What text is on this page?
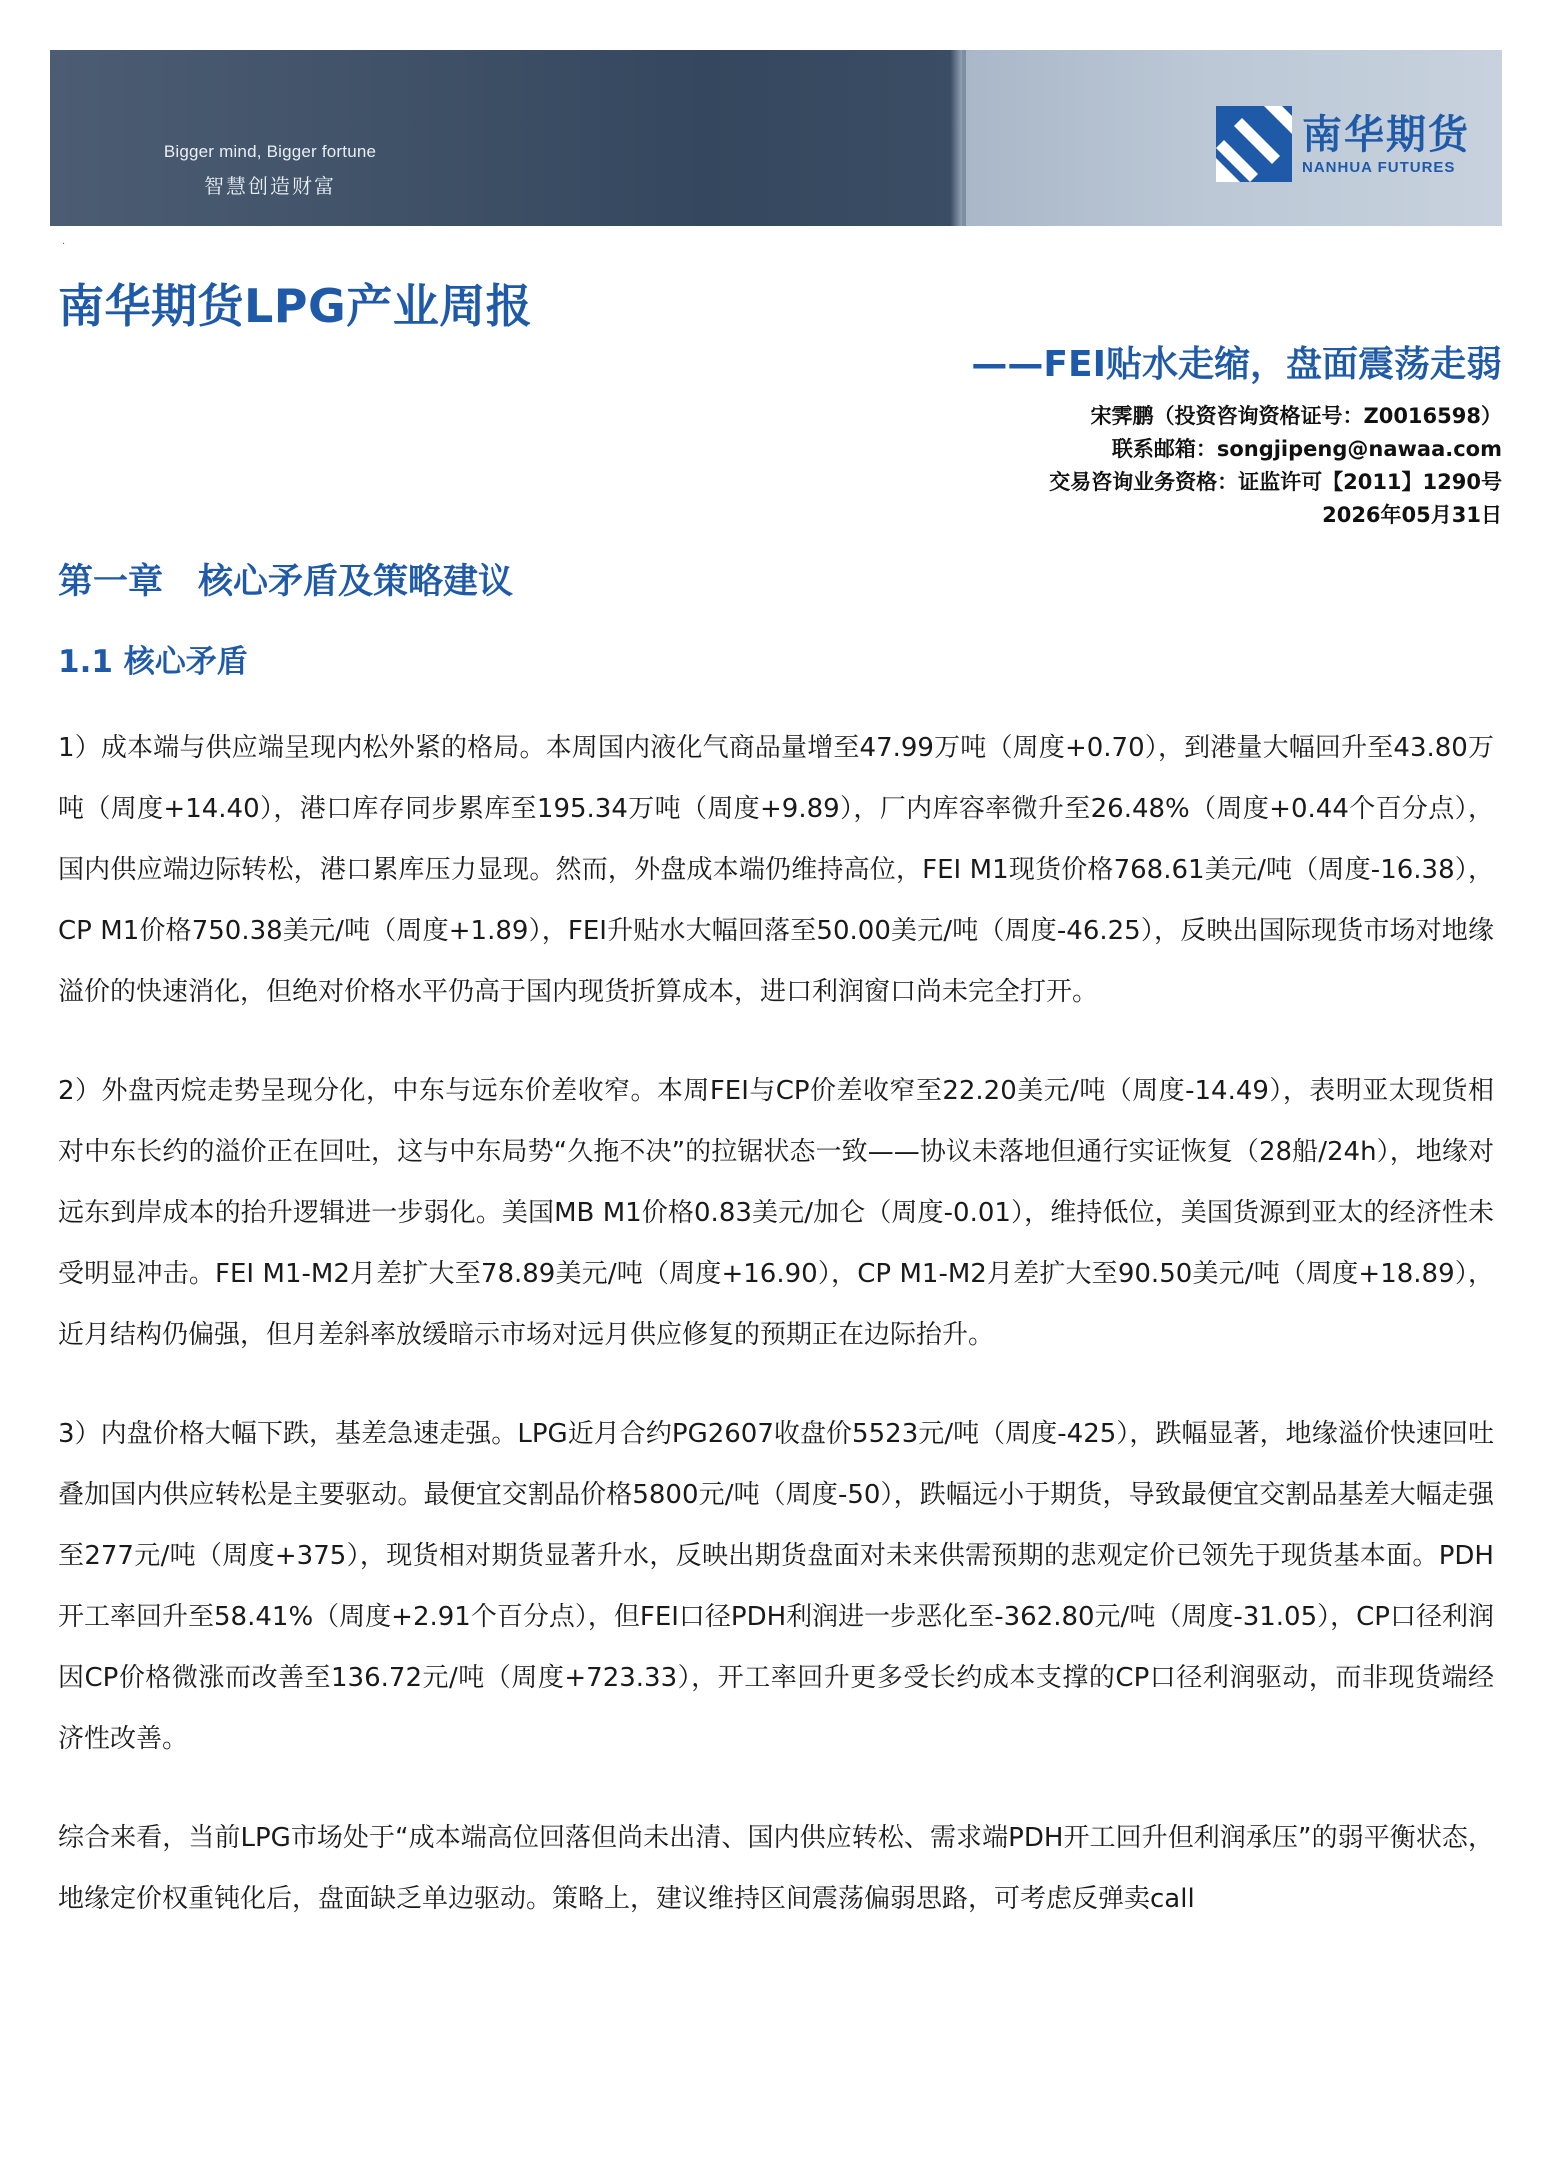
Bigger mind, Bigger fortune
智慧创造财富
南华期货
NANHUA FUTURES
.
南华期货LPG产业周报
——FEI贴水走缩，盘面震荡走弱
宋霁鹏（投资咨询资格证号：Z0016598）
联系邮箱：songjipeng@nawaa.com
交易咨询业务资格：证监许可【2011】1290号
2026年05月31日
第一章　核心矛盾及策略建议
1.1 核心矛盾

1）成本端与供应端呈现内松外紧的格局。本周国内液化气商品量增至47.99万吨（周度+0.70），到港量大幅回升至43.80万吨（周度+14.40），港口库存同步累库至195.34万吨（周度+9.89），厂内库容率微升至26.48%（周度+0.44个百分点），国内供应端边际转松，港口累库压力显现。然而，外盘成本端仍维持高位，FEI M1现货价格768.61美元/吨（周度-16.38），CP M1价格750.38美元/吨（周度+1.89），FEI升贴水大幅回落至50.00美元/吨（周度-46.25），反映出国际现货市场对地缘溢价的快速消化，但绝对价格水平仍高于国内现货折算成本，进口利润窗口尚未完全打开。

2）外盘丙烷走势呈现分化，中东与远东价差收窄。本周FEI与CP价差收窄至22.20美元/吨（周度-14.49），表明亚太现货相对中东长约的溢价正在回吐，这与中东局势“久拖不决”的拉锯状态一致——协议未落地但通行实证恢复（28船/24h），地缘对远东到岸成本的抬升逻辑进一步弱化。美国MB M1价格0.83美元/加仑（周度-0.01），维持低位，美国货源到亚太的经济性未受明显冲击。FEI M1-M2月差扩大至78.89美元/吨（周度+16.90），CP M1-M2月差扩大至90.50美元/吨（周度+18.89），近月结构仍偏强，但月差斜率放缓暗示市场对远月供应修复的预期正在边际抬升。

3）内盘价格大幅下跌，基差急速走强。LPG近月合约PG2607收盘价5523元/吨（周度-425），跌幅显著，地缘溢价快速回吐叠加国内供应转松是主要驱动。最便宜交割品价格5800元/吨（周度-50），跌幅远小于期货，导致最便宜交割品基差大幅走强至277元/吨（周度+375），现货相对期货显著升水，反映出期货盘面对未来供需预期的悲观定价已领先于现货基本面。PDH开工率回升至58.41%（周度+2.91个百分点），但FEI口径PDH利润进一步恶化至-362.80元/吨（周度-31.05），CP口径利润因CP价格微涨而改善至136.72元/吨（周度+723.33），开工率回升更多受长约成本支撑的CP口径利润驱动，而非现货端经济性改善。

综合来看，当前LPG市场处于“成本端高位回落但尚未出清、国内供应转松、需求端PDH开工回升但利润承压”的弱平衡状态，地缘定价权重钝化后，盘面缺乏单边驱动。策略上，建议维持区间震荡偏弱思路，可考虑反弹卖call
